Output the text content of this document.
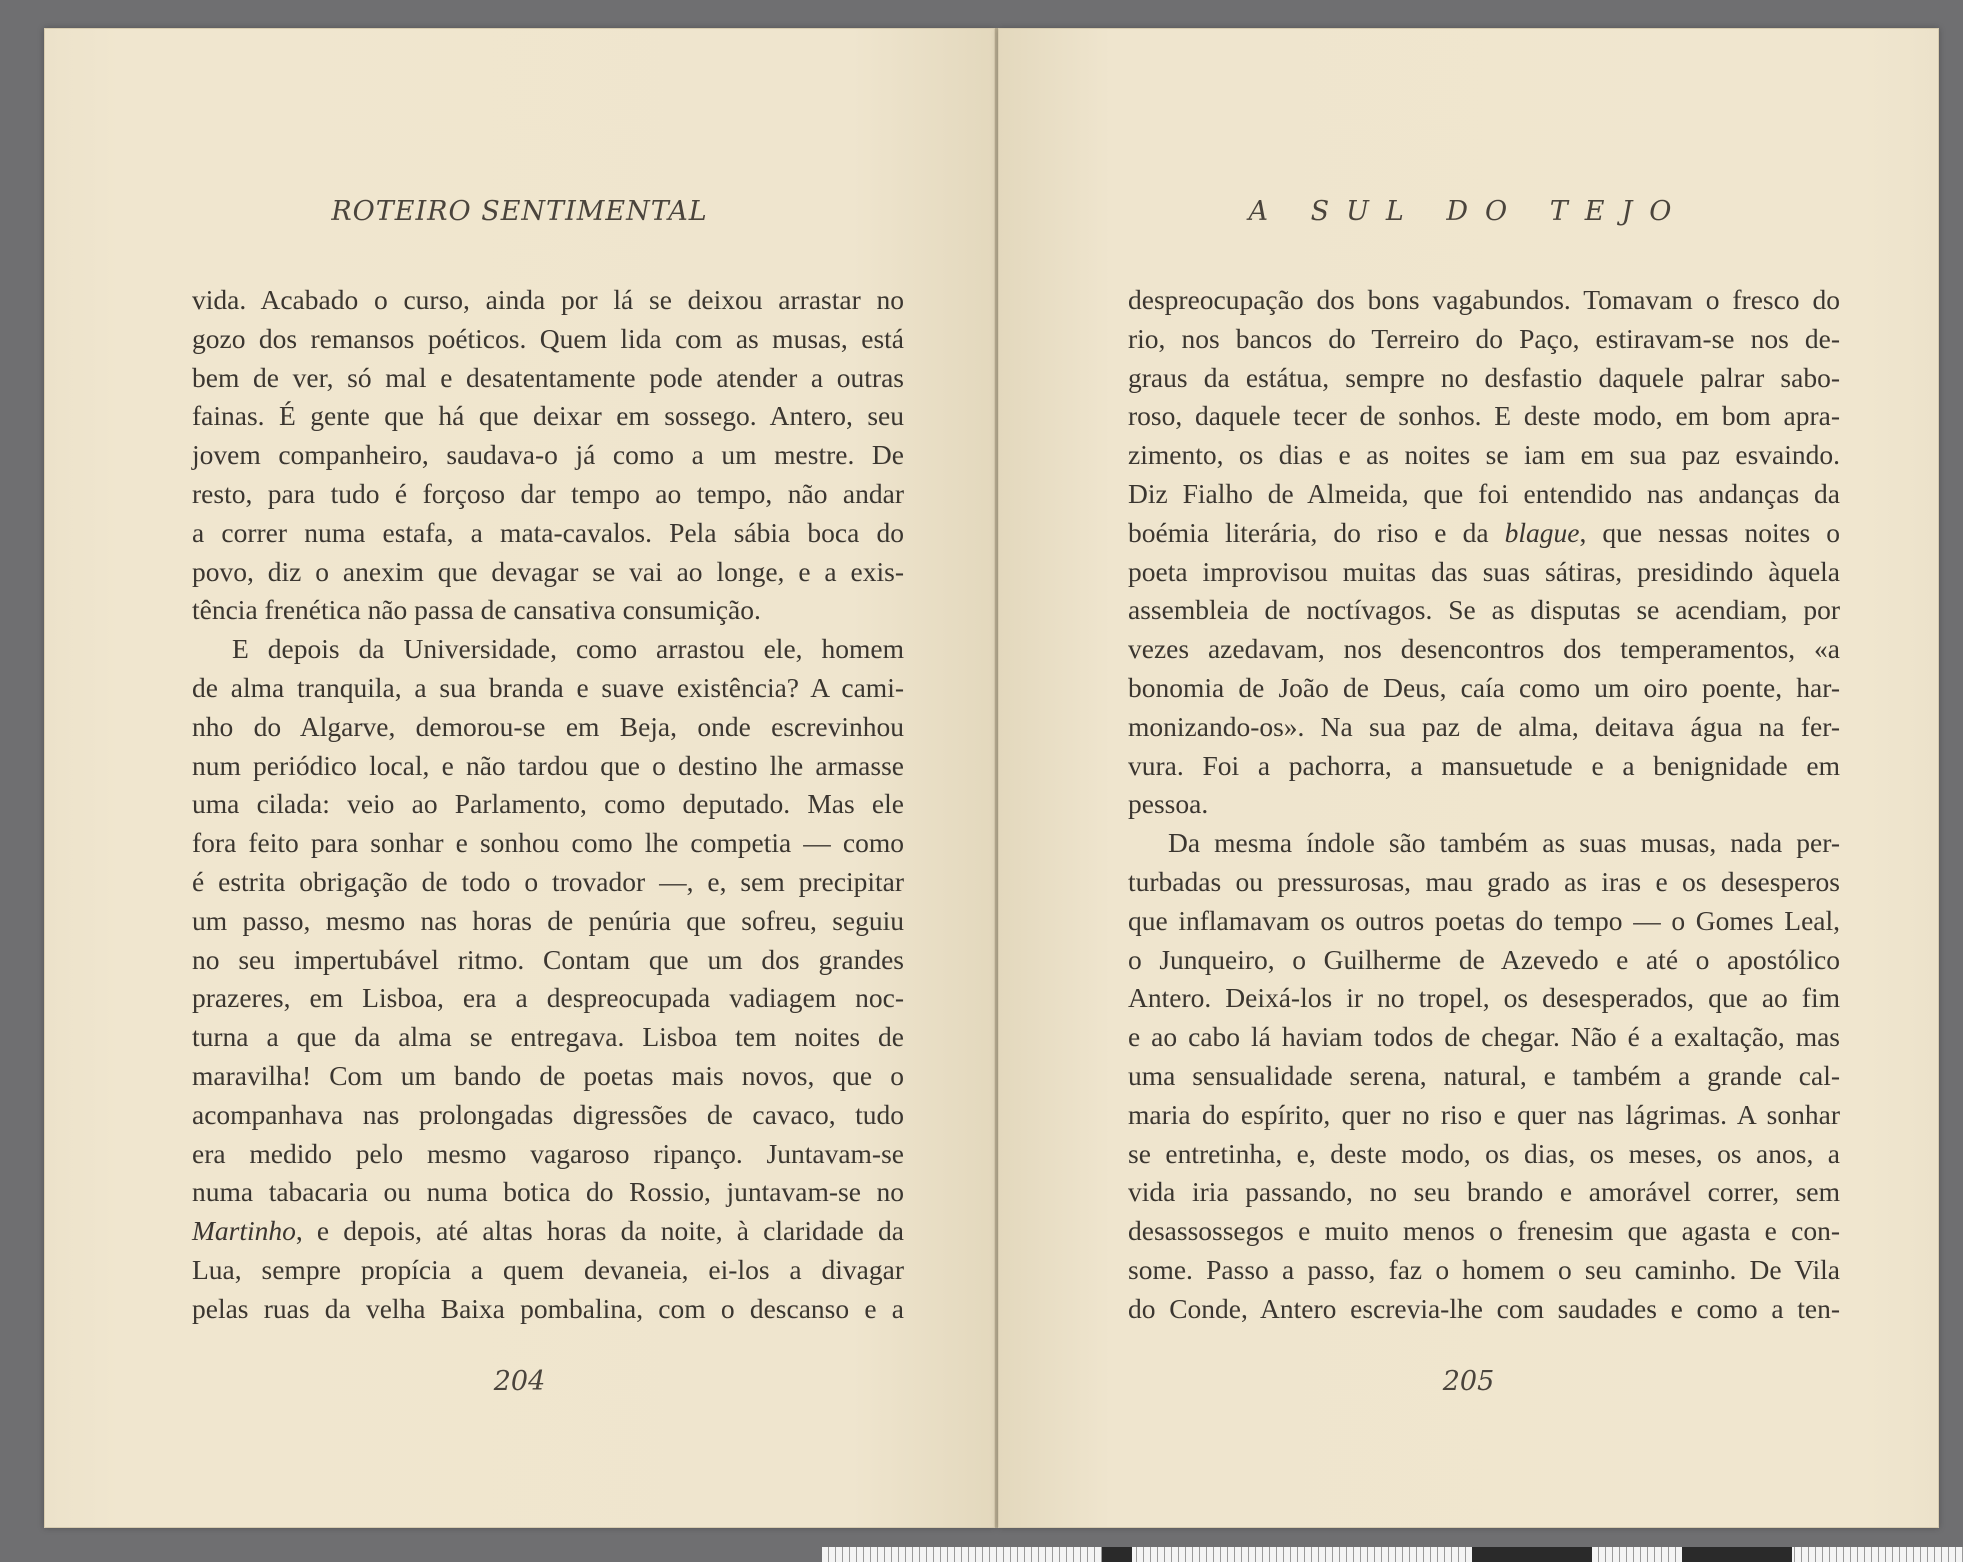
ROTEIRO SENTIMENTAL
vida. Acabado o curso, ainda por lá se deixou arrastar no
gozo dos remansos poéticos. Quem lida com as musas, está
bem de ver, só mal e desatentamente pode atender a outras
fainas. É gente que há que deixar em sossego. Antero, seu
jovem companheiro, saudava-o já como a um mestre. De
resto, para tudo é forçoso dar tempo ao tempo, não andar
a correr numa estafa, a mata-cavalos. Pela sábia boca do
povo, diz o anexim que devagar se vai ao longe, e a exis-
tência frenética não passa de cansativa consumição.
E depois da Universidade, como arrastou ele, homem
de alma tranquila, a sua branda e suave existência? A cami-
nho do Algarve, demorou-se em Beja, onde escrevinhou
num periódico local, e não tardou que o destino lhe armasse
uma cilada: veio ao Parlamento, como deputado. Mas ele
fora feito para sonhar e sonhou como lhe competia — como
é estrita obrigação de todo o trovador —, e, sem precipitar
um passo, mesmo nas horas de penúria que sofreu, seguiu
no seu impertubável ritmo. Contam que um dos grandes
prazeres, em Lisboa, era a despreocupada vadiagem noc-
turna a que da alma se entregava. Lisboa tem noites de
maravilha! Com um bando de poetas mais novos, que o
acompanhava nas prolongadas digressões de cavaco, tudo
era medido pelo mesmo vagaroso ripanço. Juntavam-se
numa tabacaria ou numa botica do Rossio, juntavam-se no
Martinho, e depois, até altas horas da noite, à claridade da
Lua, sempre propícia a quem devaneia, ei-los a divagar
pelas ruas da velha Baixa pombalina, com o descanso e a
204
A SUL DO TEJO
despreocupação dos bons vagabundos. Tomavam o fresco do
rio, nos bancos do Terreiro do Paço, estiravam-se nos de-
graus da estátua, sempre no desfastio daquele palrar sabo-
roso, daquele tecer de sonhos. E deste modo, em bom apra-
zimento, os dias e as noites se iam em sua paz esvaindo.
Diz Fialho de Almeida, que foi entendido nas andanças da
boémia literária, do riso e da blague, que nessas noites o
poeta improvisou muitas das suas sátiras, presidindo àquela
assembleia de noctívagos. Se as disputas se acendiam, por
vezes azedavam, nos desencontros dos temperamentos, «a
bonomia de João de Deus, caía como um oiro poente, har-
monizando-os». Na sua paz de alma, deitava água na fer-
vura. Foi a pachorra, a mansuetude e a benignidade em
pessoa.
Da mesma índole são também as suas musas, nada per-
turbadas ou pressurosas, mau grado as iras e os desesperos
que inflamavam os outros poetas do tempo — o Gomes Leal,
o Junqueiro, o Guilherme de Azevedo e até o apostólico
Antero. Deixá-los ir no tropel, os desesperados, que ao fim
e ao cabo lá haviam todos de chegar. Não é a exaltação, mas
uma sensualidade serena, natural, e também a grande cal-
maria do espírito, quer no riso e quer nas lágrimas. A sonhar
se entretinha, e, deste modo, os dias, os meses, os anos, a
vida iria passando, no seu brando e amorável correr, sem
desassossegos e muito menos o frenesim que agasta e con-
some. Passo a passo, faz o homem o seu caminho. De Vila
do Conde, Antero escrevia-lhe com saudades e como a ten-
205
